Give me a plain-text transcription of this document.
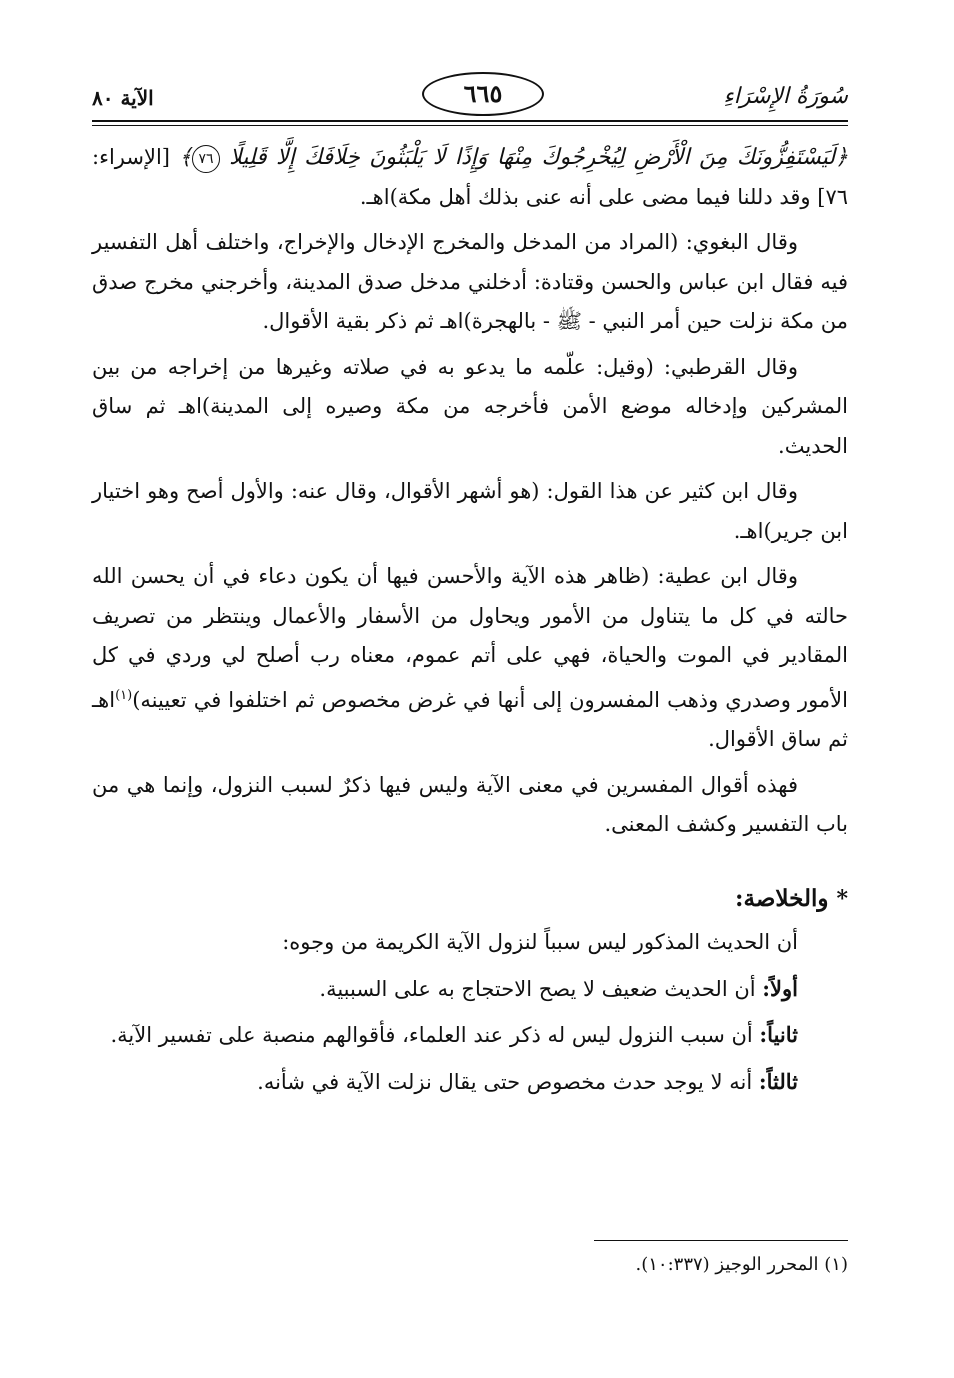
سُورَةُ الإِسْرَاءِ
٦٦٥
الآية ٨٠

﴿لَيَسْتَفِزُّونَكَ مِنَ الْأَرْضِ لِيُخْرِجُوكَ مِنْهَا وَإِذًا لَا يَلْبَثُونَ خِلَافَكَ إِلَّا قَلِيلًا ٧٦﴾ [الإسراء: ٧٦] وقد دللنا فيما مضى على أنه عنى بذلك أهل مكة)اهـ.

وقال البغوي: (المراد من المدخل والمخرج الإدخال والإخراج، واختلف أهل التفسير فيه فقال ابن عباس والحسن وقتادة: أدخلني مدخل صدق المدينة، وأخرجني مخرج صدق من مكة نزلت حين أمر النبي - ﷺ - بالهجرة)اهـ ثم ذكر بقية الأقوال.

وقال القرطبي: (وقيل: علّمه ما يدعو به في صلاته وغيرها من إخراجه من بين المشركين وإدخاله موضع الأمن فأخرجه من مكة وصيره إلى المدينة)اهـ ثم ساق الحديث.

وقال ابن كثير عن هذا القول: (هو أشهر الأقوال، وقال عنه: والأول أصح وهو اختيار ابن جرير)اهـ.

وقال ابن عطية: (ظاهر هذه الآية والأحسن فيها أن يكون دعاء في أن يحسن الله حالته في كل ما يتناول من الأمور ويحاول من الأسفار والأعمال وينتظر من تصريف المقادير في الموت والحياة، فهي على أتم عموم، معناه رب أصلح لي وردي في كل الأمور وصدري وذهب المفسرون إلى أنها في غرض مخصوص ثم اختلفوا في تعيينه)$^{(١)}$اهـ ثم ساق الأقوال.

فهذه أقوال المفسرين في معنى الآية وليس فيها ذكرٌ لسبب النزول، وإنما هي من باب التفسير وكشف المعنى.

* والخلاصة:

أن الحديث المذكور ليس سبباً لنزول الآية الكريمة من وجوه:

أولاً: أن الحديث ضعيف لا يصح الاحتجاج به على السببية.

ثانياً: أن سبب النزول ليس له ذكر عند العلماء، فأقوالهم منصبة على تفسير الآية.

ثالثاً: أنه لا يوجد حدث مخصوص حتى يقال نزلت الآية في شأنه.

(١) المحرر الوجيز (١٠:٣٣٧).
